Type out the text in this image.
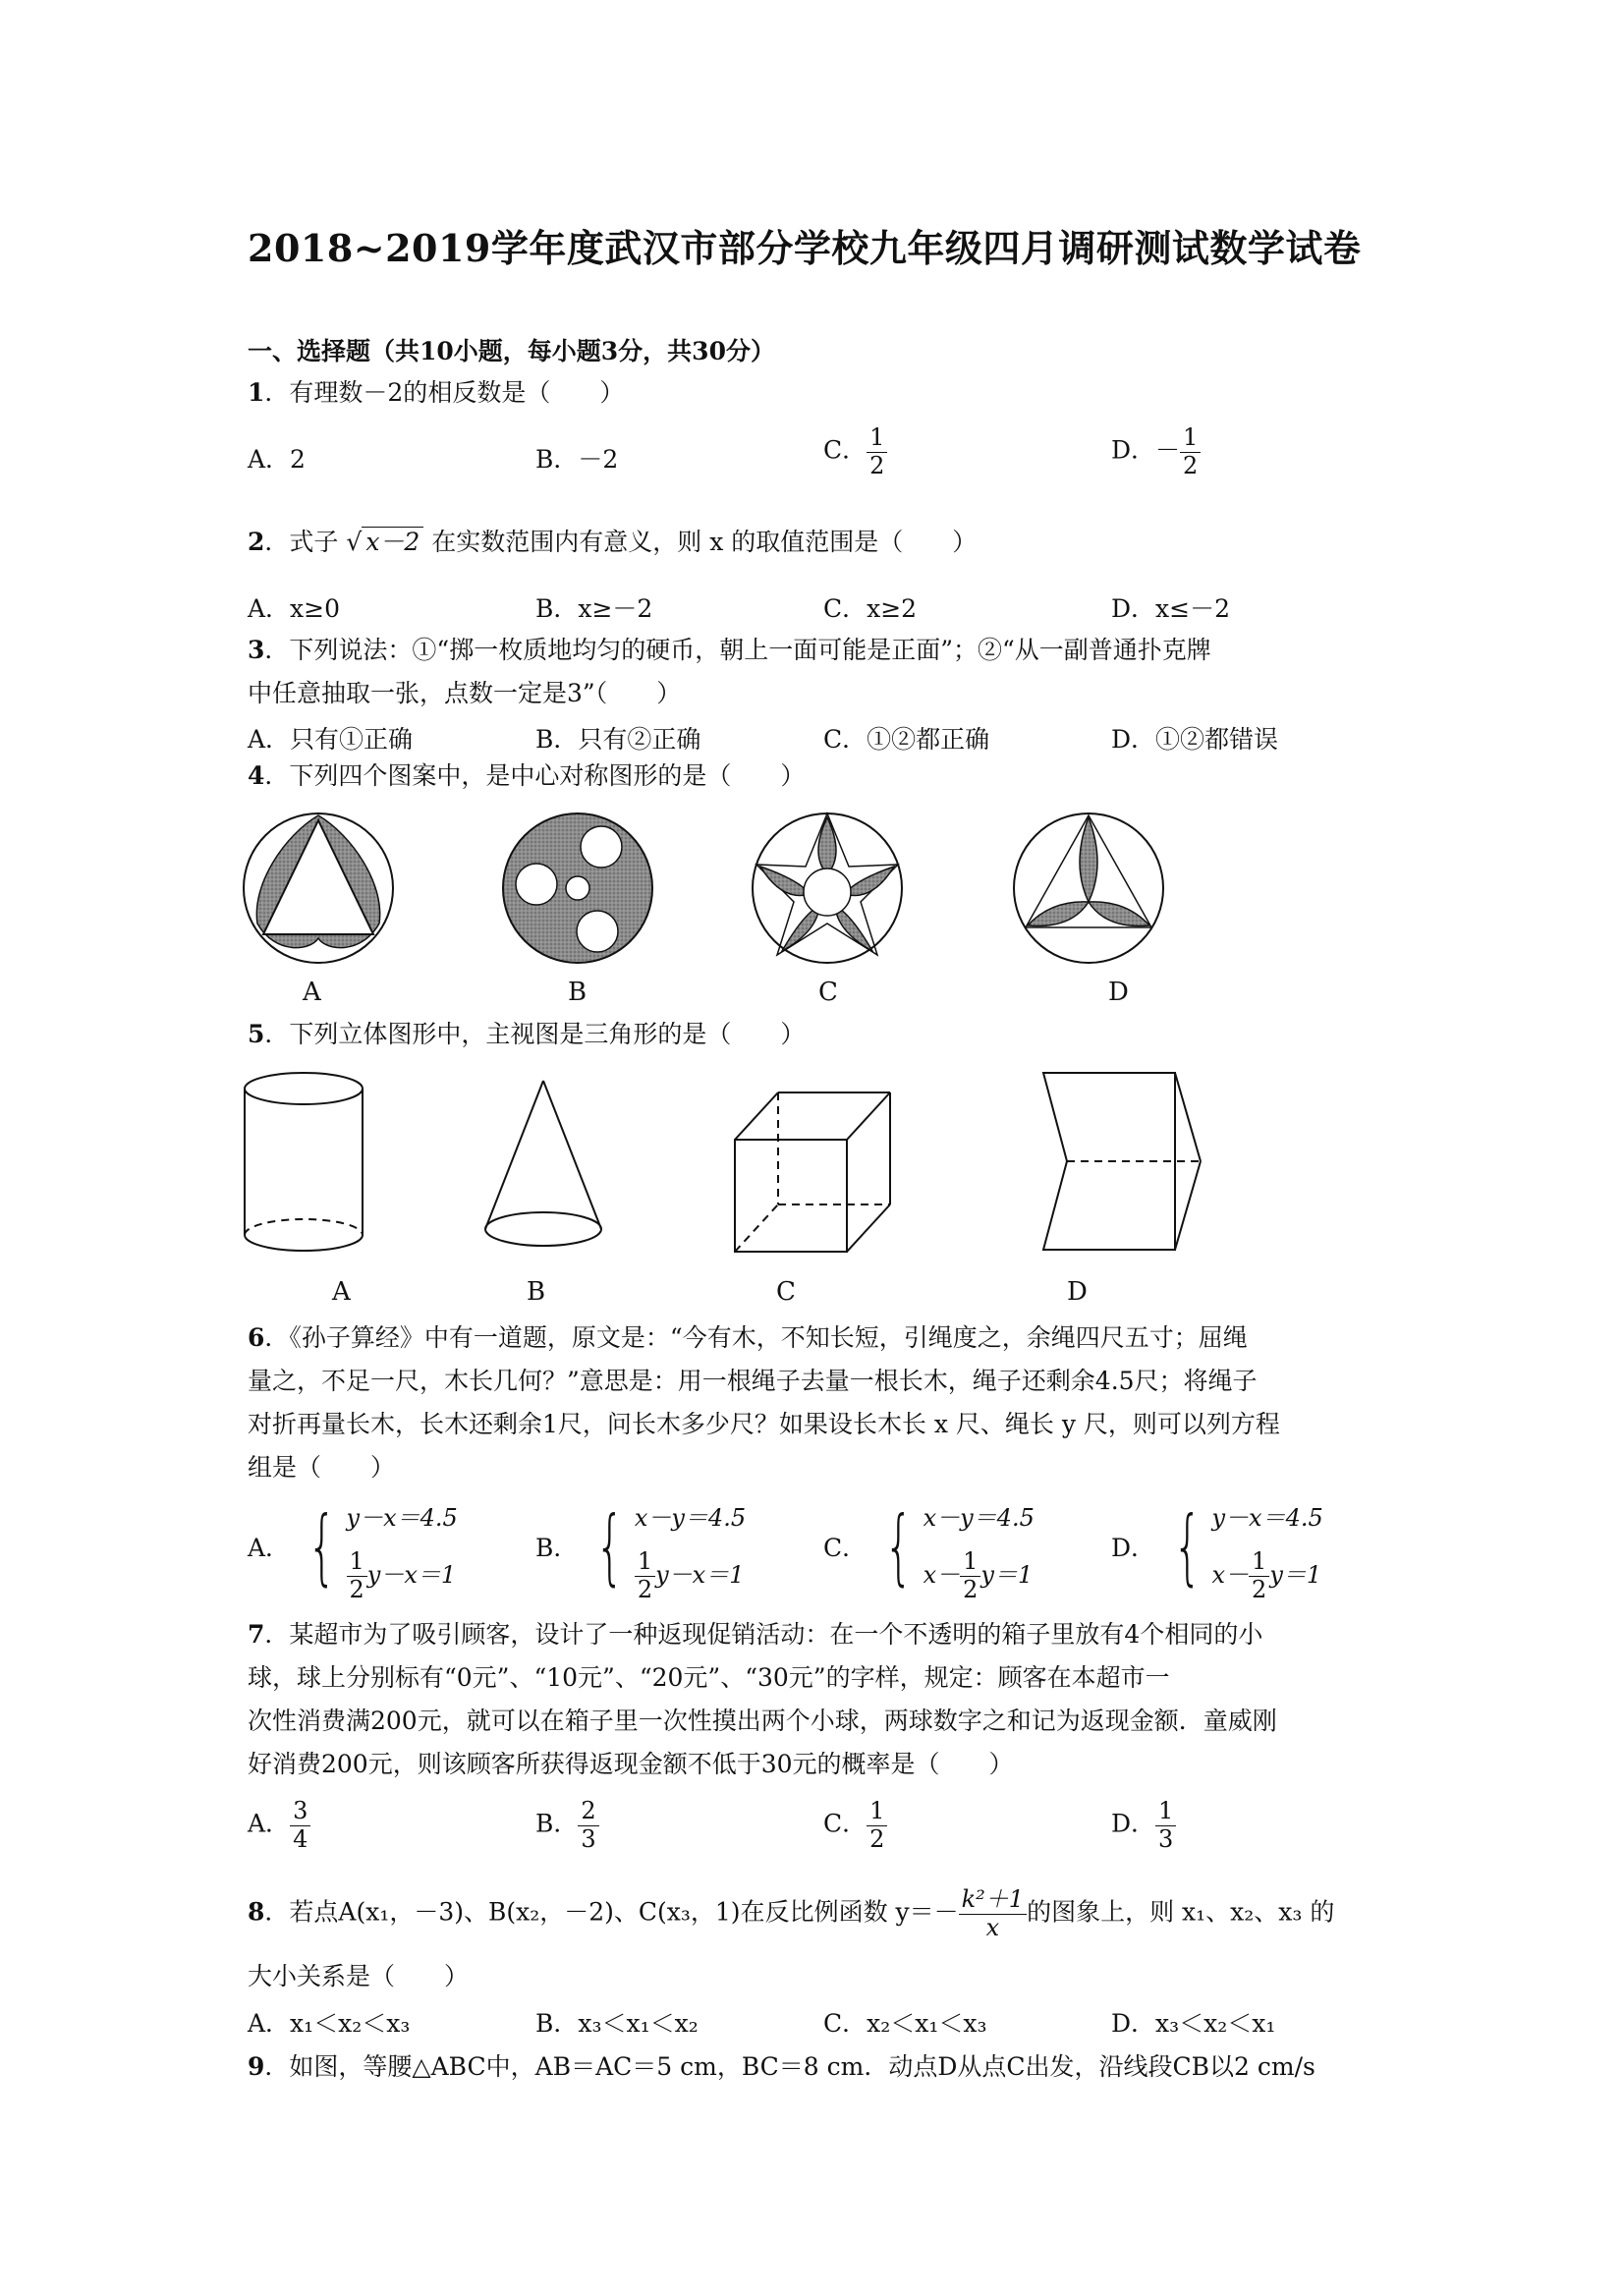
2018~2019学年度武汉市部分学校九年级四月调研测试数学试卷
一、选择题（共10小题，每小题3分，共30分）
1．有理数－2的相反数是（　　）
A．2	B．－2	C． $\frac{1}{2}$	D．－ $\frac{1}{2}$
2．式子 √ x－2 在实数范围内有意义，则 x 的取值范围是（　　）
A．x≥0	B．x≥－2	C．x≥2	D．x≤－2
3．下列说法：①“掷一枚质地均匀的硬币，朝上一面可能是正面”；②“从一副普通扑克牌
中任意抽取一张，点数一定是3”（　　）
A．只有①正确	B．只有②正确	C．①②都正确	D．①②都错误
4．下列四个图案中，是中心对称图形的是（　　）
A	B	C	D
5．下列立体图形中，主视图是三角形的是（　　）
A	B	C	D
6．《孙子算经》中有一道题，原文是：“今有木，不知长短，引绳度之，余绳四尺五寸；屈绳
量之，不足一尺，木长几何？”意思是：用一根绳子去量一根长木，绳子还剩余4.5尺；将绳子
对折再量长木，长木还剩余1尺，问长木多少尺？如果设长木长 x 尺、绳长 y 尺，则可以列方程
组是（　　）
A． { y－x＝4.5
$\frac{1}{2} y-x=1$
B． { x－y＝4.5
$\frac{1}{2} y-x=1$
C． { x－y＝4.5
$x- \frac{1}{2} y=1$
D． { y－x＝4.5
$x- \frac{1}{2} y=1$
7．某超市为了吸引顾客，设计了一种返现促销活动：在一个不透明的箱子里放有4个相同的小
球，球上分别标有“0元”、“10元”、“20元”、“30元”的字样，规定：顾客在本超市一
次性消费满200元，就可以在箱子里一次性摸出两个小球，两球数字之和记为返现金额．童威刚
好消费200元，则该顾客所获得返现金额不低于30元的概率是（　　）
A． $\frac{3}{4}$	B． $\frac{2}{3}$	C． $\frac{1}{2}$	D． $\frac{1}{3}$
8．若点A(x₁，－3)、B(x₂，－2)、C(x₃，1)在反比例函数 $y=- \frac{\text{k²＋1}}{x}$ 的图象上，则 x₁、x₂、x₃ 的
大小关系是（　　）
A．x₁＜x₂＜x₃	B．x₃＜x₁＜x₂	C．x₂＜x₁＜x₃	D．x₃＜x₂＜x₁
9．如图，等腰△ABC中，AB＝AC＝5 cm，BC＝8 cm．动点D从点C出发，沿线段CB以2 cm/s
